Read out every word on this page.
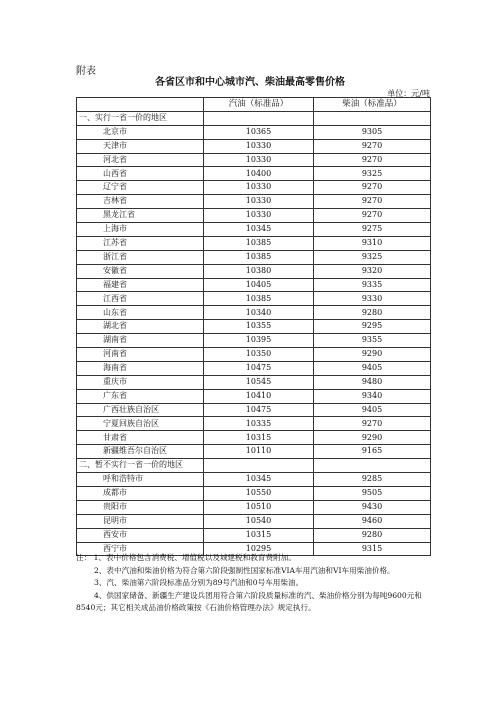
附表
各省区市和中心城市汽、柴油最高零售价格
单位：元/吨
	汽油（标准品）	柴油（标准品）
一、实行一省一价的地区		
北京市	10365	9305
天津市	10330	9270
河北省	10330	9270
山西省	10400	9325
辽宁省	10330	9270
吉林省	10330	9270
黑龙江省	10330	9270
上海市	10345	9275
江苏省	10385	9310
浙江省	10385	9325
安徽省	10380	9320
福建省	10405	9335
江西省	10385	9330
山东省	10340	9280
湖北省	10355	9295
湖南省	10395	9355
河南省	10350	9290
海南省	10475	9405
重庆市	10545	9480
广东省	10410	9340
广西壮族自治区	10475	9405
宁夏回族自治区	10335	9270
甘肃省	10315	9290
新疆维吾尔自治区	10110	9165
二、暂不实行一省一价的地区		
呼和浩特市	10345	9285
成都市	10550	9505
贵阳市	10510	9430
昆明市	10540	9460
西安市	10315	9280
西宁市	10295	9315

注： 1、表中价格包含消费税、增值税以及城建税和教育费附加。

2、表中汽油和柴油价格为符合第六阶段强制性国家标准VIA车用汽油和VI车用柴油价格。

3、汽、柴油第六阶段标准品分别为89号汽油和0号车用柴油。

4、供国家储备、新疆生产建设兵团用符合第六阶段质量标准的汽、柴油价格分别为每吨9600元和8540元；其它相关成品油价格政策按《石油价格管理办法》规定执行。
